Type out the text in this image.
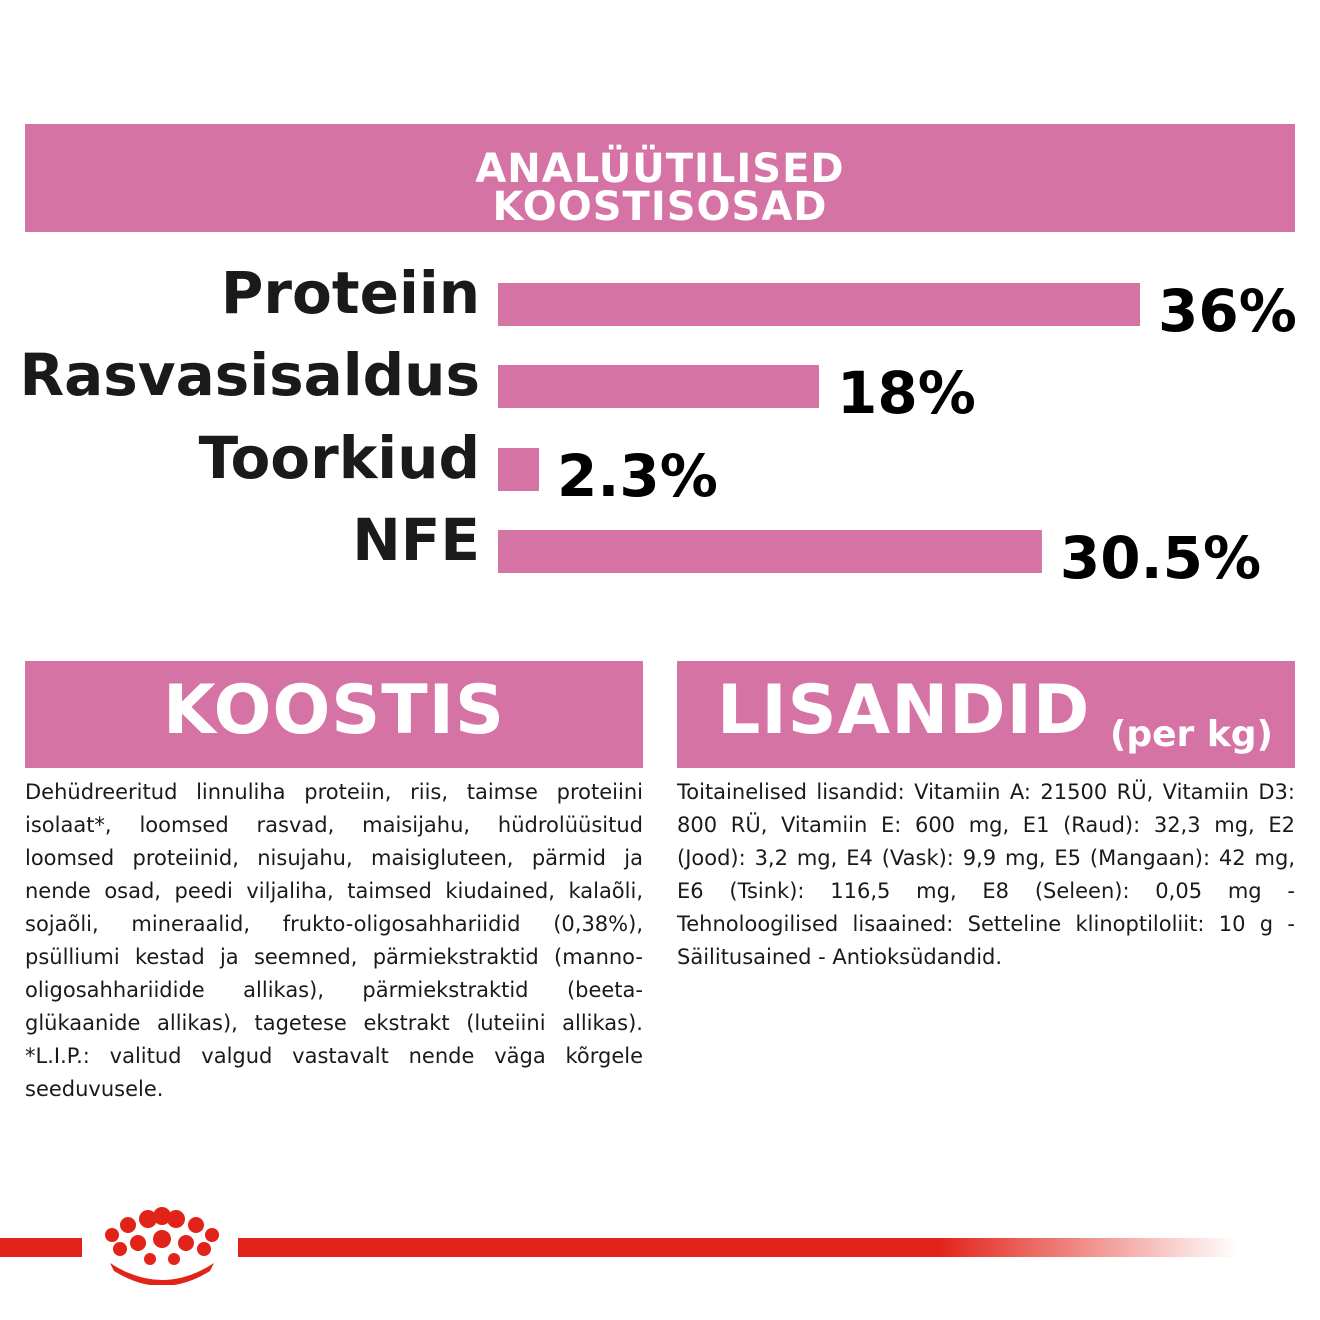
ANALÜÜTILISED
KOOSTISOSAD
Proteiin	36%
Rasvasisaldus	18%
Toorkiud 2.3%
NFE	30.5%
KOOSTIS
Dehüdreeritud linnuliha proteiin, riis, taimse proteiini isolaat*, loomsed rasvad, maisijahu, hüdrolüüsitud loomsed proteiinid, nisujahu, maisigluteen, pärmid ja nende osad, peedi viljaliha, taimsed kiudained, kalaõli, sojaõli, mineraalid, frukto-oligosahhariidid (0,38%), psülliumi kestad ja seemned, pärmiekstraktid (manno-oligosahhariidide allikas), pärmiekstraktid (beeta-glükaanide allikas), tagetese ekstrakt (luteiini allikas). *L.I.P.: valitud valgud vastavalt nende väga kõrgele seeduvusele.
LISANDID (per kg)
Toitainelised lisandid: Vitamiin A: 21500 RÜ, Vitamiin D3: 800 RÜ, Vitamiin E: 600 mg, E1 (Raud): 32,3 mg, E2 (Jood): 3,2 mg, E4 (Vask): 9,9 mg, E5 (Mangaan): 42 mg, E6 (Tsink): 116,5 mg, E8 (Seleen): 0,05 mg - Tehnoloogilised lisaained: Setteline klinoptiloliit: 10 g - Säilitusained - Antioksüdandid.
